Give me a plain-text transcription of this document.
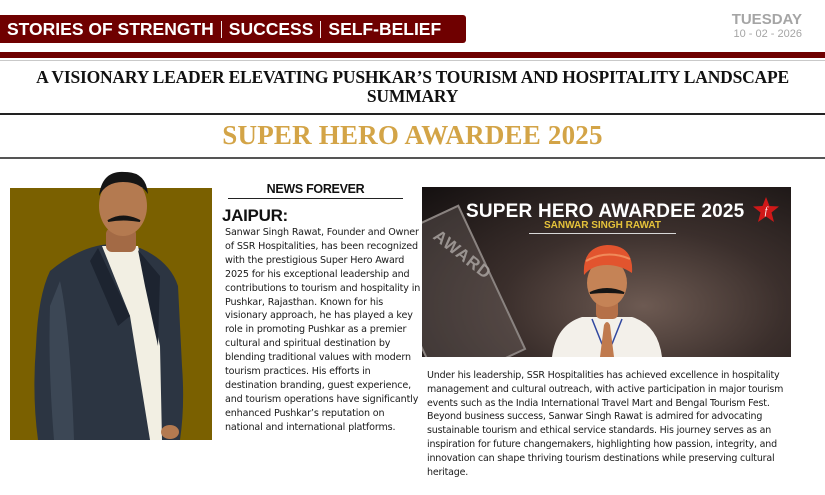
STORIES OF STRENGTH SUCCESS SELF-BELIEF	TUESDAY
10 - 02 - 2026
A VISIONARY LEADER ELEVATING PUSHKAR’S TOURISM AND HOSPITALITY LANDSCAPE
SUMMARY
SUPER HERO AWARDEE 2025
NEWS FOREVER
JAIPUR:

Sanwar Singh Rawat, Founder and Owner of SSR Hospitalities, has been recognized with the prestigious Super Hero Award 2025 for his exceptional leadership and contributions to tourism and hospitality in Pushkar, Rajasthan. Known for his visionary approach, he has played a key role in promoting Pushkar as a premier cultural and spiritual destination by blending traditional values with modern tourism practices. His efforts in destination branding, guest experience, and tourism operations have significantly enhanced Pushkar’s reputation on national and international platforms.

AWARD
SUPER HERO AWARDEE 2025
SANWAR SINGH RAWAT
f

Under his leadership, SSR Hospitalities has achieved excellence in hospitality management and cultural outreach, with active participation in major tourism events such as the India International Travel Mart and Bengal Tourism Fest. Beyond business success, Sanwar Singh Rawat is admired for advocating sustainable tourism and ethical service standards. His journey serves as an inspiration for future changemakers, highlighting how passion, integrity, and innovation can shape thriving tourism destinations while preserving cultural heritage.
